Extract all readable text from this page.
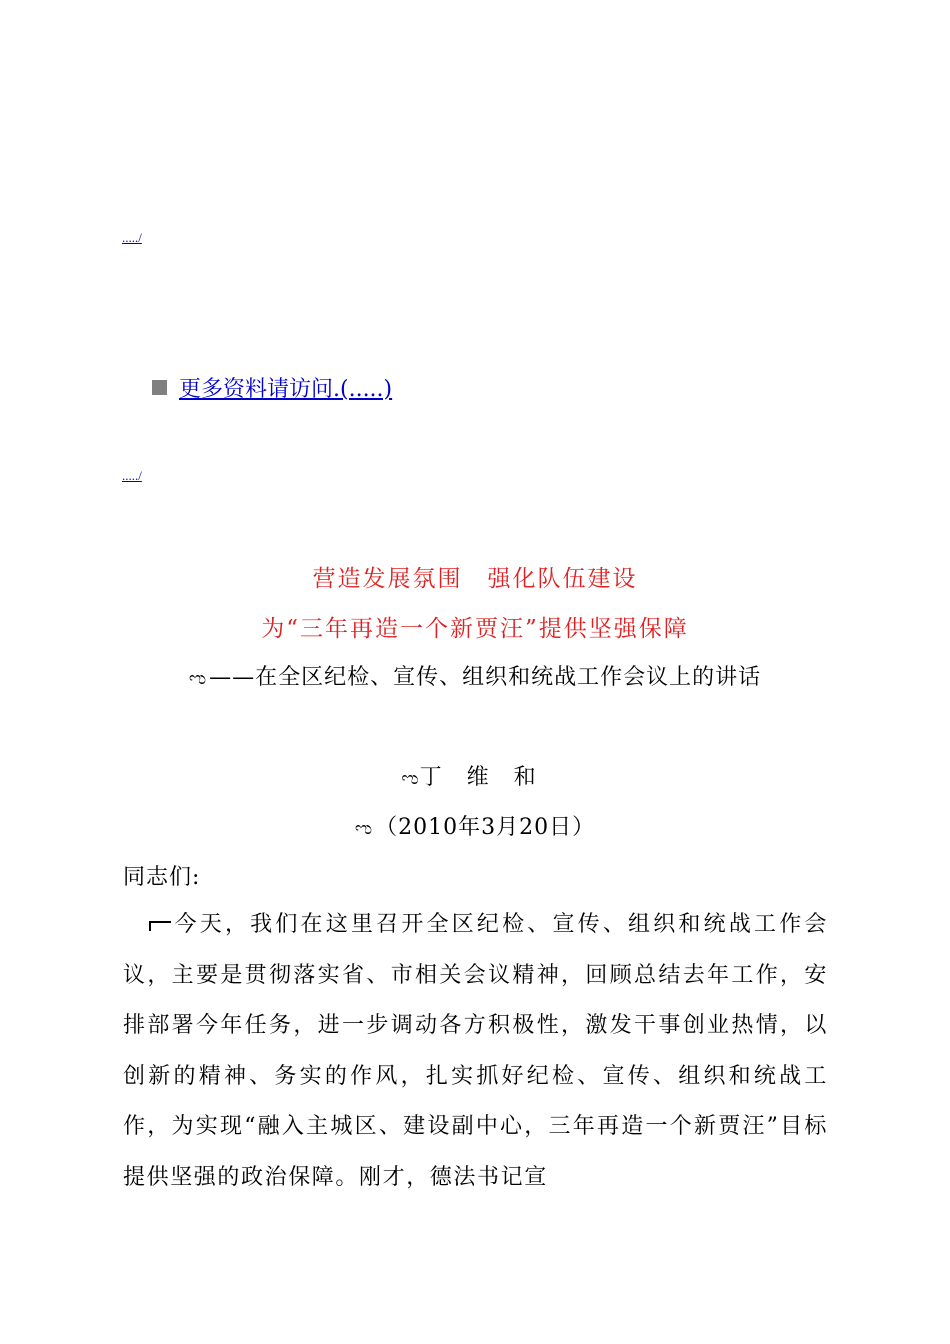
...../
更多资料请访问.(.....)
...../
营造发展氛围　强化队伍建设
为“三年再造一个新贾汪”提供坚强保障
ಌ——在全区纪检、宣传、组织和统战工作会议上的讲话
ಌ丁 维 和
ಌ（2010年3月20日）
同志们:
今天，我们在这里召开全区纪检、宣传、组织和统战工作会议，主要是贯彻落实省、市相关会议精神，回顾总结去年工作，安排部署今年任务，进一步调动各方积极性，激发干事创业热情，以创新的精神、务实的作风，扎实抓好纪检、宣传、组织和统战工作，为实现“融入主城区、建设副中心，三年再造一个新贾汪”目标提供坚强的政治保障。刚才，德法书记宣
